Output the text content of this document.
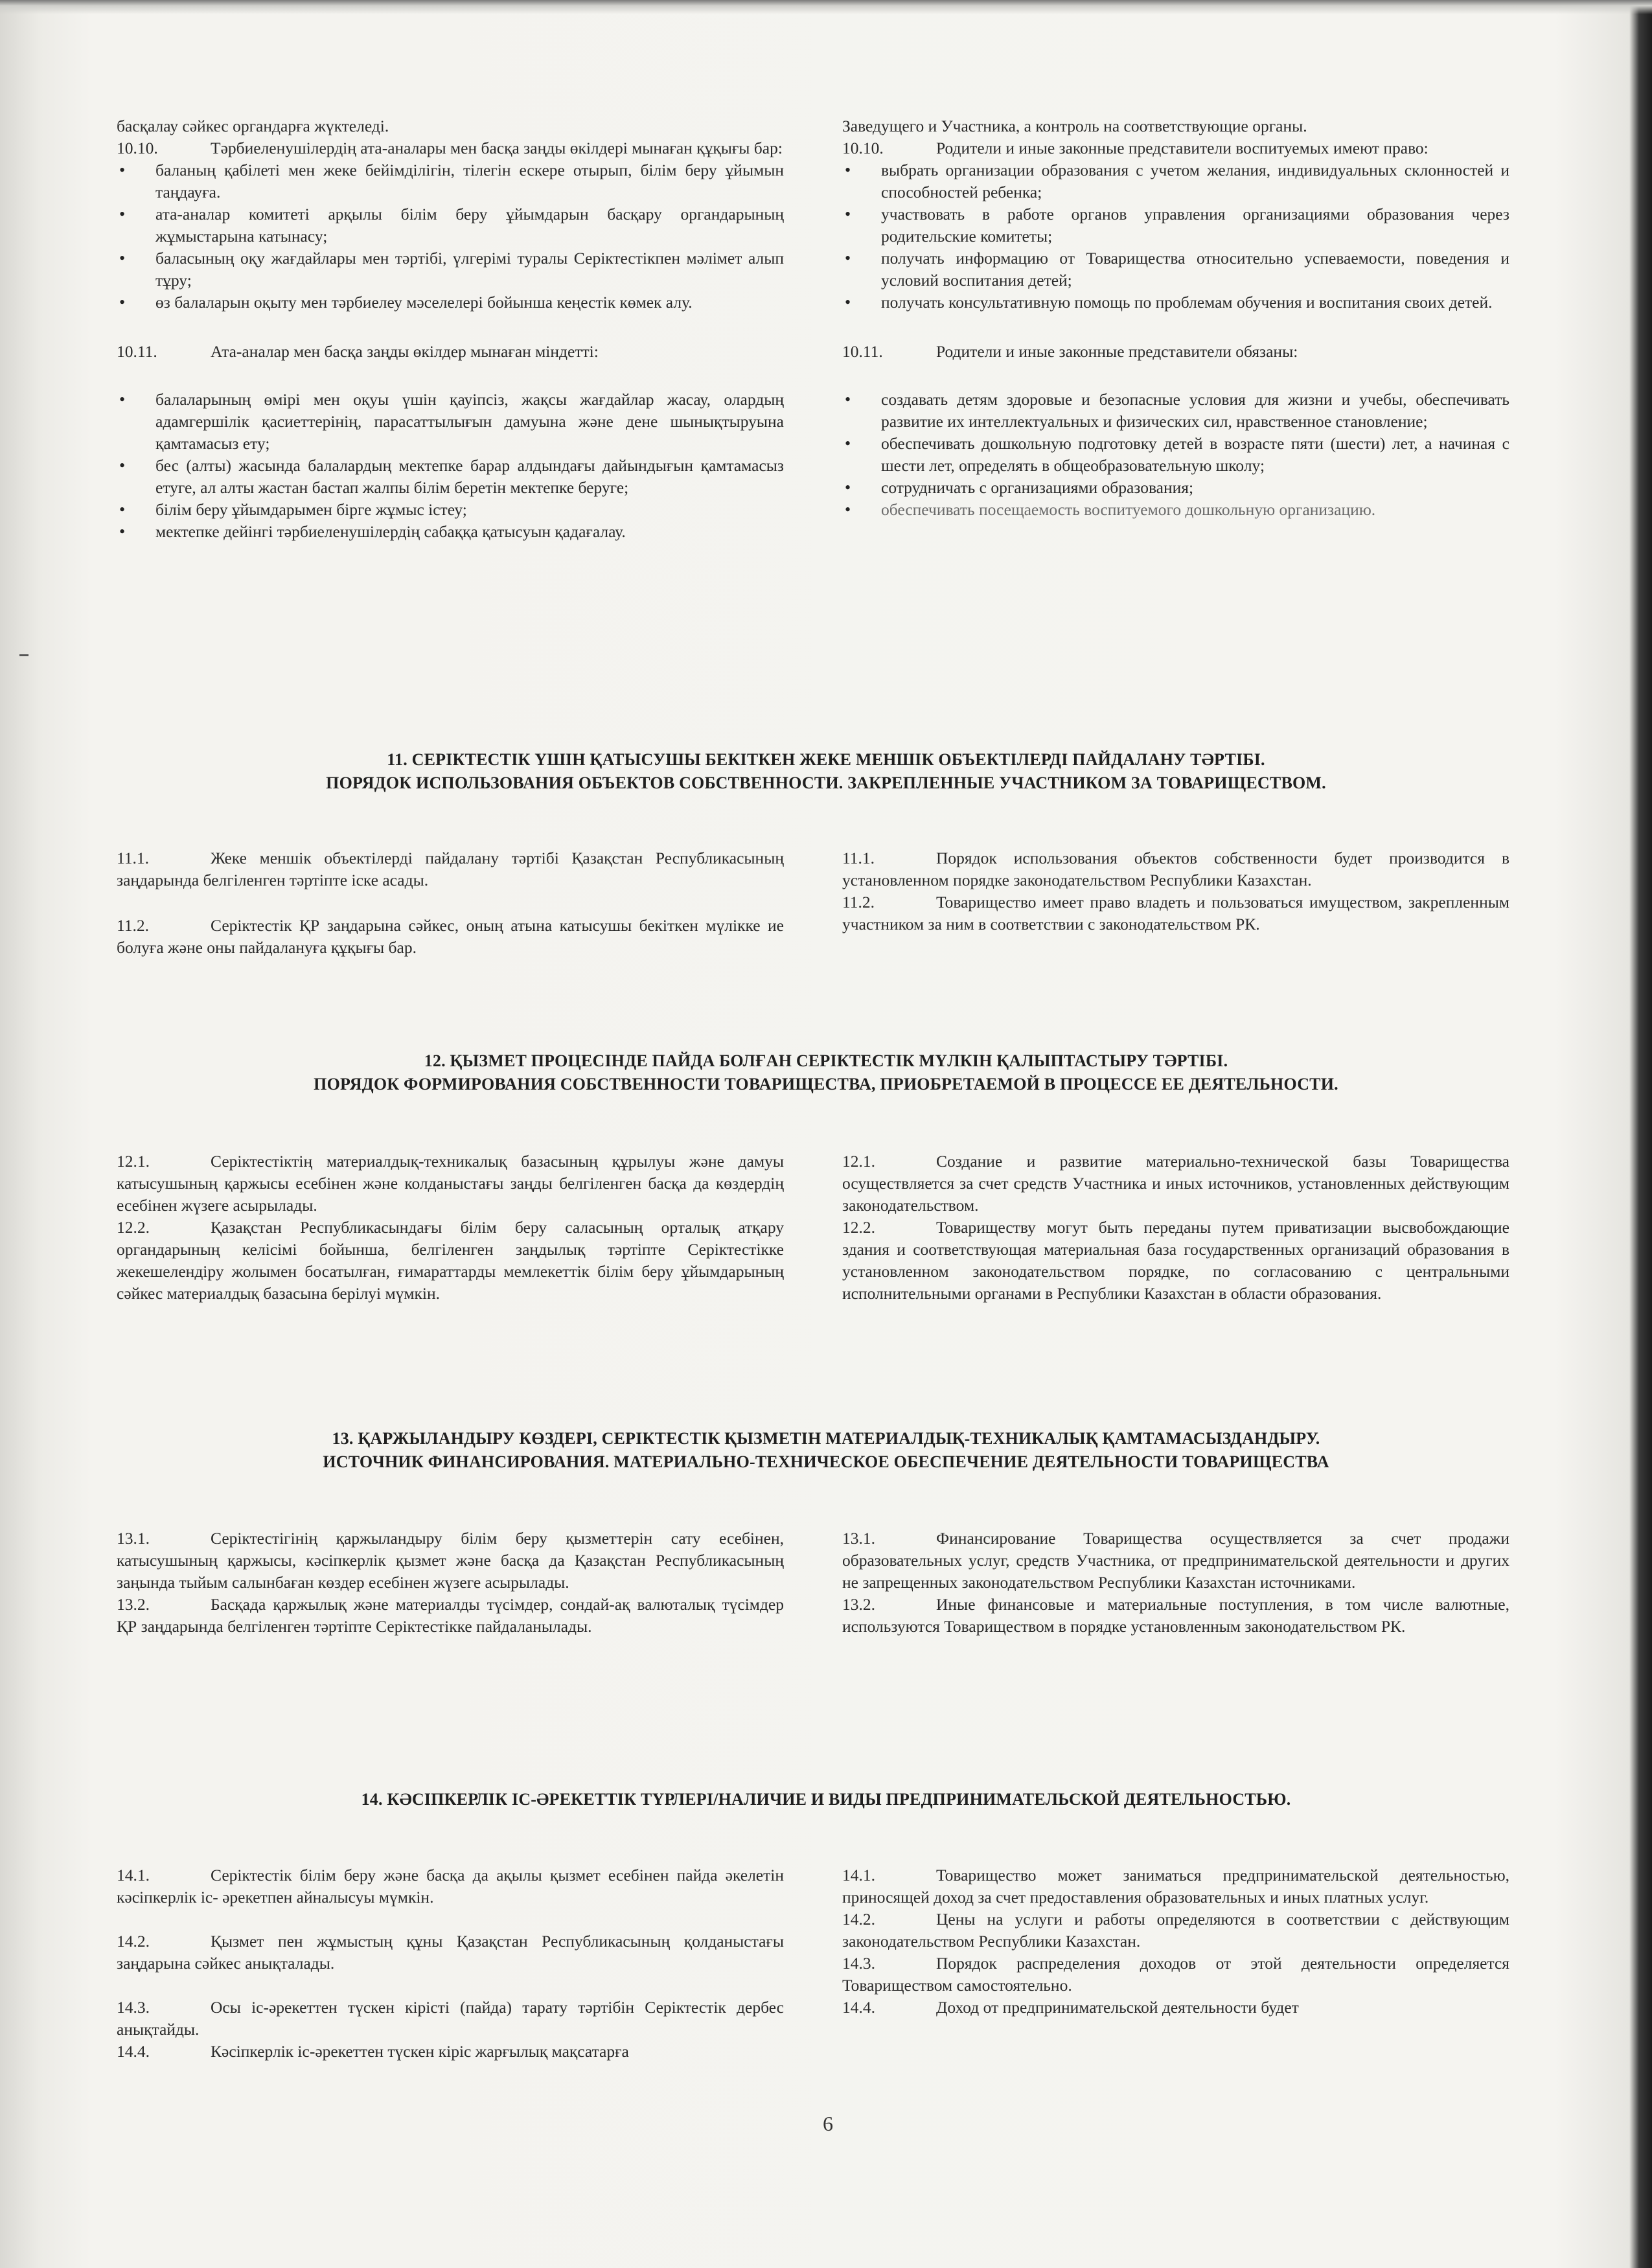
басқалау сәйкес органдарға жүктеледі.

10.10.	Тәрбиеленушілердің ата-аналары мен басқа заңды өкілдері мынаған құқығы бар:

• баланың қабілеті мен жеке бейімділігін, тілегін ескере отырып, білім беру ұйымын таңдауға.
• ата-аналар комитеті арқылы білім беру ұйымдарын басқару органдарының жұмыстарына катынасу;
• баласының оқу жағдайлары мен тәртібі, үлгерімі туралы Серіктестікпен мәлімет алып тұру;
• өз балаларын оқыту мен тәрбиелеу мәселелері бойынша кеңестік көмек алу.

10.11.	Ата-аналар мен басқа заңды өкілдер мынаған міндетті:

• балаларының өмірі мен оқуы үшін қауіпсіз, жақсы жағдайлар жасау, олардың адамгершілік қасиеттерінің, парасаттылығын дамуына және дене шынықтыруына қамтамасыз ету;
• бес (алты) жасында балалардың мектепке барар алдындағы дайындығын қамтамасыз етуге, ал алты жастан бастап жалпы білім беретін мектепке беруге;
• білім беру ұйымдарымен бірге жұмыс істеу;
• мектепке дейінгі тәрбиеленушілердің сабаққа қатысуын қадағалау.

Заведущего и Участника, а контроль на соответствующие органы.

10.10.	Родители и иные законные представители воспитуемых имеют право:

• выбрать организации образования с учетом желания, индивидуальных склонностей и способностей ребенка;
• участвовать в работе органов управления организациями образования через родительские комитеты;
• получать информацию от Товарищества относительно успеваемости, поведения и условий воспитания детей;
• получать консультативную помощь по проблемам обучения и воспитания своих детей.

10.11.	Родители и иные законные представители обязаны:

• создавать детям здоровые и безопасные условия для жизни и учебы, обеспечивать развитие их интеллектуальных и физических сил, нравственное становление;
• обеспечивать дошкольную подготовку детей в возрасте пяти (шести) лет, а начиная с шести лет, определять в общеобразовательную школу;
• сотрудничать с организациями образования;
• обеспечивать посещаемость воспитуемого дошкольную организацию.
11. СЕРІКТЕСТІК ҮШІН ҚАТЫСУШЫ БЕКІТКЕН ЖЕКЕ МЕНШІК ОБЪЕКТІЛЕРДІ ПАЙДАЛАНУ ТӘРТІБІ.
ПОРЯДОК ИСПОЛЬЗОВАНИЯ ОБЪЕКТОВ СОБСТВЕННОСТИ. ЗАКРЕПЛЕННЫЕ УЧАСТНИКОМ ЗА ТОВАРИЩЕСТВОМ.

11.1.	Жеке меншік объектілерді пайдалану тәртібі Қазақстан Республикасының заңдарында белгіленген тәртіпте іске асады.

11.2.	Серіктестік ҚР заңдарына сәйкес, оның атына катысушы бекіткен мүлікке ие болуға және оны пайдалануға құқығы бар.

11.1.	Порядок использования объектов собственности будет производится в установленном порядке законодательством Республики Казахстан.

11.2.	Товарищество имеет право владеть и пользоваться имуществом, закрепленным участником за ним в соответствии с законодательством РК.

12. ҚЫЗМЕТ ПРОЦЕСІНДЕ ПАЙДА БОЛҒАН СЕРІКТЕСТІК МҮЛКІН ҚАЛЫПТАСТЫРУ ТӘРТІБІ.
ПОРЯДОК ФОРМИРОВАНИЯ СОБСТВЕННОСТИ ТОВАРИЩЕСТВА, ПРИОБРЕТАЕМОЙ В ПРОЦЕССЕ ЕЕ ДЕЯТЕЛЬНОСТИ.

12.1.	Серіктестіктің материалдық-техникалық базасының құрылуы және дамуы катысушының қаржысы есебінен және колданыстағы заңды белгіленген басқа да көздердің есебінен жүзеге асырылады.

12.2.	Қазақстан Республикасындағы білім беру саласының орталық атқару органдарының келісімі бойынша, белгіленген заңдылық тәртіпте Серіктестікке жекешелендіру жолымен босатылған, ғимараттарды мемлекеттік білім беру ұйымдарының сәйкес материалдық базасына берілуі мүмкін.

12.1.	Создание и развитие материально-технической базы Товарищества осуществляется за счет средств Участника и иных источников, установленных действующим законодательством.

12.2.	Товариществу могут быть переданы путем приватизации высвобождающие здания и соответствующая материальная база государственных организаций образования в установленном законодательством порядке, по согласованию с центральными исполнительными органами в Республики Казахстан в области образования.

13. ҚАРЖЫЛАНДЫРУ КӨЗДЕРІ, СЕРІКТЕСТІК ҚЫЗМЕТІН МАТЕРИАЛДЫҚ-ТЕХНИКАЛЫҚ ҚАМТАМАСЫЗДАНДЫРУ.
ИСТОЧНИК ФИНАНСИРОВАНИЯ. МАТЕРИАЛЬНО-ТЕХНИЧЕСКОЕ ОБЕСПЕЧЕНИЕ ДЕЯТЕЛЬНОСТИ ТОВАРИЩЕСТВА

13.1.	Серіктестігінің қаржыландыру білім беру қызметтерін сату есебінен, катысушының қаржысы, кәсіпкерлік қызмет және басқа да Қазақстан Республикасының заңында тыйым салынбаған көздер есебінен жүзеге асырылады.

13.2.	Басқада қаржылық және материалды түсімдер, сондай-ақ валюталық түсімдер ҚР заңдарында белгіленген тәртіпте Серіктестікке пайдаланылады.

13.1.	Финансирование Товарищества осуществляется за счет продажи образовательных услуг, средств Участника, от предпринимательской деятельности и других не запрещенных законодательством Республики Казахстан источниками.

13.2.	Иные финансовые и материальные поступления, в том числе валютные, используются Товариществом в порядке установленным законодательством РК.

14. КӘСІПКЕРЛІК ІС-ӘРЕКЕТТІК ТҮРЛЕРІ/НАЛИЧИЕ И ВИДЫ ПРЕДПРИНИМАТЕЛЬСКОЙ ДЕЯТЕЛЬНОСТЬЮ.

14.1.	Серіктестік білім беру және басқа да ақылы қызмет есебінен пайда әкелетін кәсіпкерлік іс- әрекетпен айналысуы мүмкін.

14.2.	Қызмет пен жұмыстың құны Қазақстан Республикасының қолданыстағы заңдарына сәйкес анықталады.

14.3.	Осы іс-әрекеттен түскен кірісті (пайда) тарату тәртібін Серіктестік дербес анықтайды.

14.4.	Кәсіпкерлік іс-әрекеттен түскен кіріс жарғылық мақсатарға

14.1.	Товарищество может заниматься предпринимательской деятельностью, приносящей доход за счет предоставления образовательных и иных платных услуг.

14.2.	Цены на услуги и работы определяются в соответствии с действующим законодательством Республики Казахстан.

14.3.	Порядок распределения доходов от этой деятельности определяется Товариществом самостоятельно.

14.4.	Доход от предпринимательской деятельности будет

6
